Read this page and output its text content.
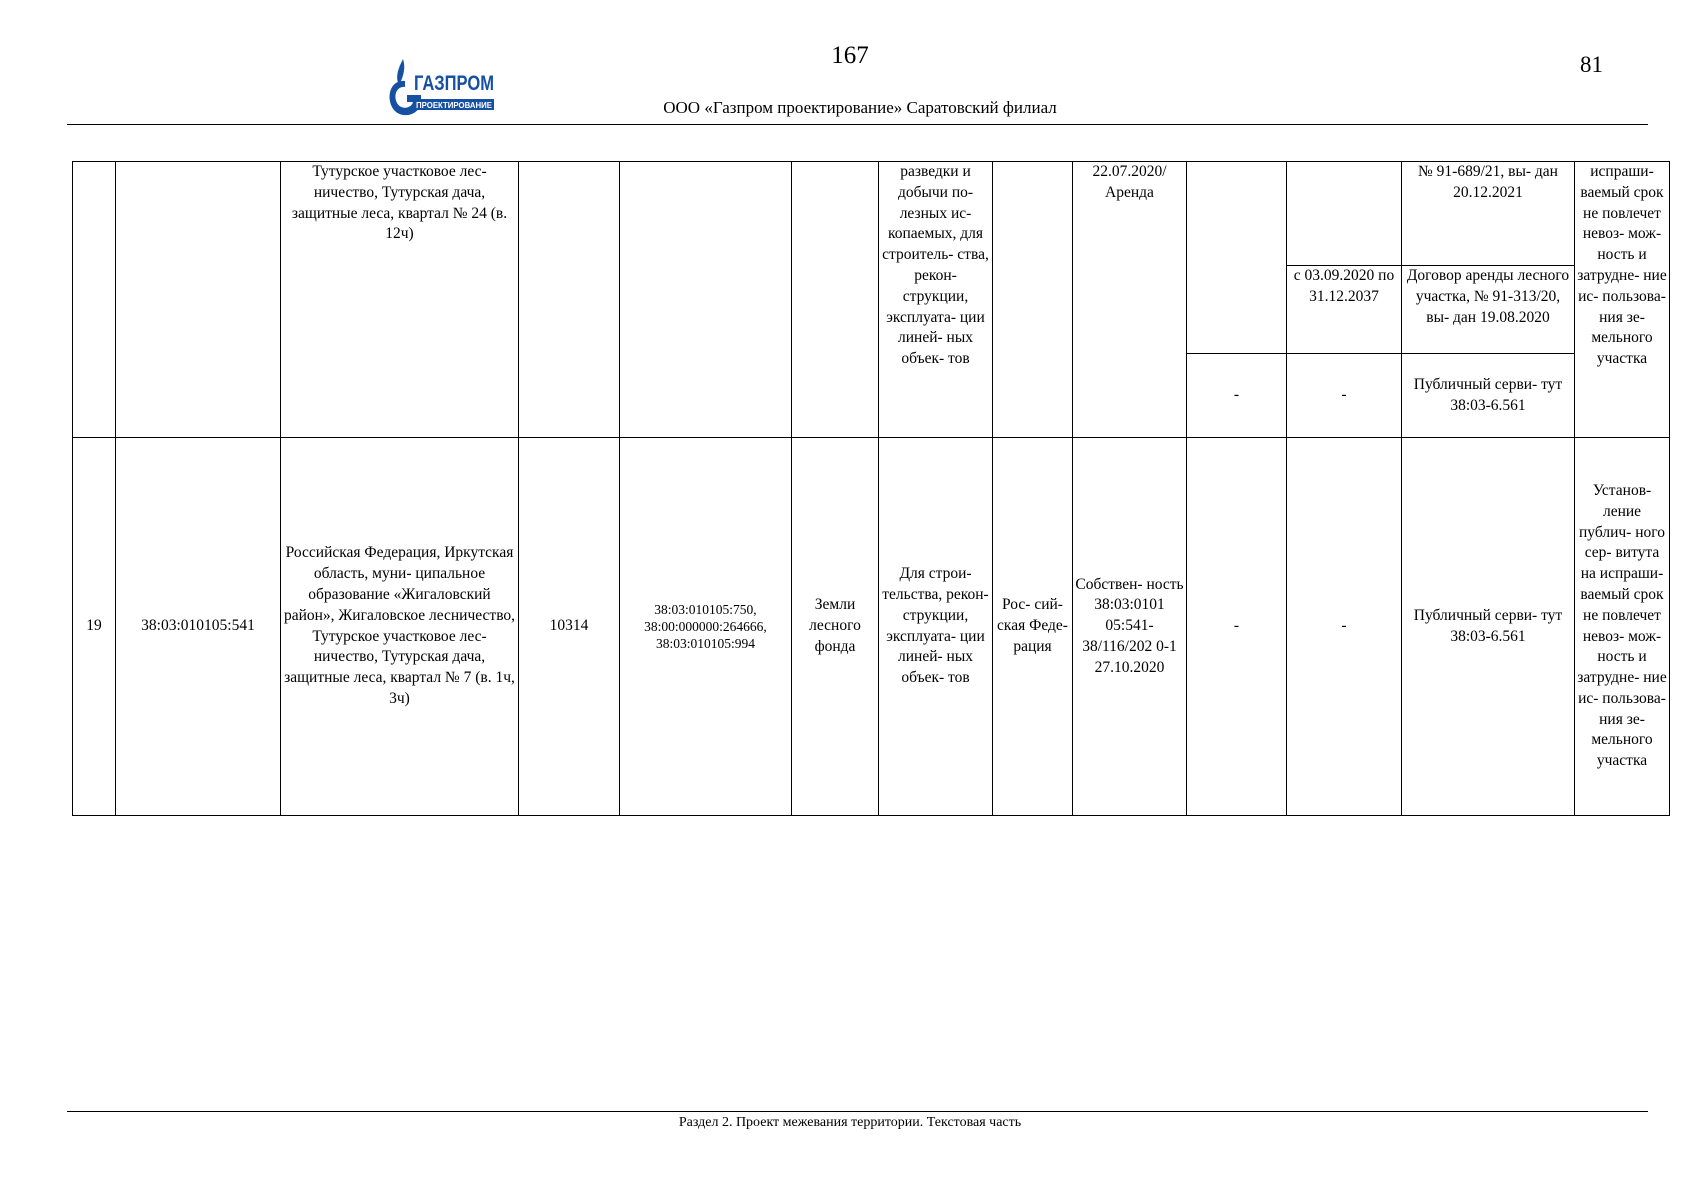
167	81
ГАЗПРОМ
ПРОЕКТИРОВАНИЕ	ООО «Газпром проектирование» Саратовский филиал
		Тутурское участковое лес- ничество, Тутурская дача, защитные леса, квартал № 24 (в. 12ч)				разведки и добычи по- лезных ис- копаемых, для строитель- ства, рекон- струкции, эксплуата- ции линей- ных объек- тов		22.07.2020/ Аренда			№ 91-689/21, вы- дан 20.12.2021	испраши- ваемый срок не повлечет невоз- мож- ность и затрудне- ние ис- пользова- ния зе- мельного участка
										с 03.09.2020 по 31.12.2037	Договор аренды лесного участка, № 91-313/20, вы- дан 19.08.2020	
									-	-	Публичный серви- тут 38:03-6.561	
19	38:03:010105:541	Российская Федерация, Иркутская область, муни- ципальное образование «Жигаловский район», Жигаловское лесничество, Тутурское участковое лес- ничество, Тутурская дача, защитные леса, квартал № 7 (в. 1ч, 3ч)	10314	38:03:010105:750, 38:00:000000:264666, 38:03:010105:994	Земли лесного фонда	Для строи- тельства, рекон- струкции, эксплуата- ции линей- ных объек- тов	Рос- сий- ская Феде- рация	Собствен- ность 38:03:0101 05:541- 38/116/202 0-1 27.10.2020	-	-	Публичный серви- тут 38:03-6.561	Установ- ление публич- ного сер- витута на испраши- ваемый срок не повлечет невоз- мож- ность и затрудне- ние ис- пользова- ния зе- мельного участка
Раздел 2. Проект межевания территории. Текстовая часть
